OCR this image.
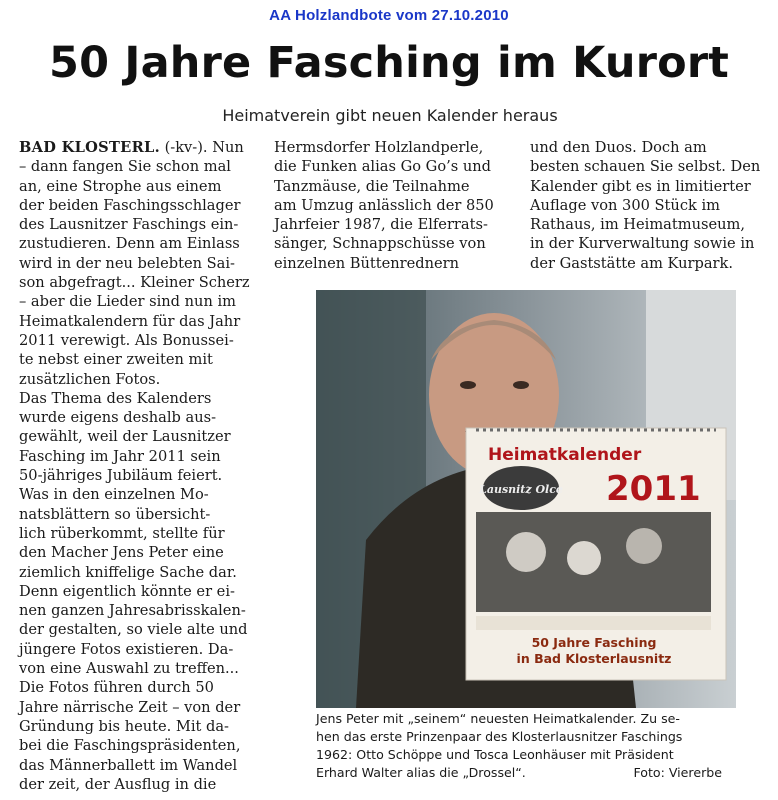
AA Holzlandbote vom 27.10.2010
50 Jahre Fasching im Kurort
Heimatverein gibt neuen Kalender heraus
BAD KLOSTERL. (-kv-). Nun
– dann fangen Sie schon mal
an, eine Strophe aus einem
der beiden Faschingsschlager
des Lausnitzer Faschings ein-
zustudieren. Denn am Einlass
wird in der neu belebten Sai-
son abgefragt... Kleiner Scherz
– aber die Lieder sind nun im
Heimatkalendern für das Jahr
2011 verewigt. Als Bonusseі-
te nebst einer zweiten mit
zusätzlichen Fotos.
Das Thema des Kalenders
wurde eigens deshalb aus-
gewählt, weil der Lausnitzer
Fasching im Jahr 2011 sein
50-jähriges Jubiläum feiert.
Was in den einzelnen Mo-
natsblättern so übersicht-
lich rüberkommt, stellte für
den Macher Jens Peter eine
ziemlich kniffelige Sache dar.
Denn eigentlich könnte er ei-
nen ganzen Jahresabrisskalen-
der gestalten, so viele alte und
jüngere Fotos existieren. Da-
von eine Auswahl zu treffen...
Die Fotos führen durch 50
Jahre närrische Zeit – von der
Gründung bis heute. Mit da-
bei die Faschingspräsidenten,
das Männerballett im Wandel
der zeit, der Ausflug in die
Hermsdorfer Holzlandperle,
die Funken alias Go Go’s und
Tanzmäuse, die Teilnahme
am Umzug anlässlich der 850
Jahrfeier 1987, die Elferrats-
sänger, Schnappschüsse von
einzelnen Büttenrednern
und den Duos. Doch am
besten schauen Sie selbst. Den
Kalender gibt es in limitierter
Auflage von 300 Stück im
Rathaus, im Heimatmuseum,
in der Kurverwaltung sowie in
der Gaststätte am Kurpark.
Heimatkalender
2011
Lausnitz Olce
50 Jahre Fasching
in Bad Klosterlausnitz
Jens Peter mit „seinem“ neuesten Heimatkalender. Zu se-
hen das erste Prinzenpaar des Klosterlausnitzer Faschings
1962: Otto Schöppe und Tosca Leonhäuser mit Präsident
Erhard Walter alias die „Drossel“.	Foto: Viererbe
